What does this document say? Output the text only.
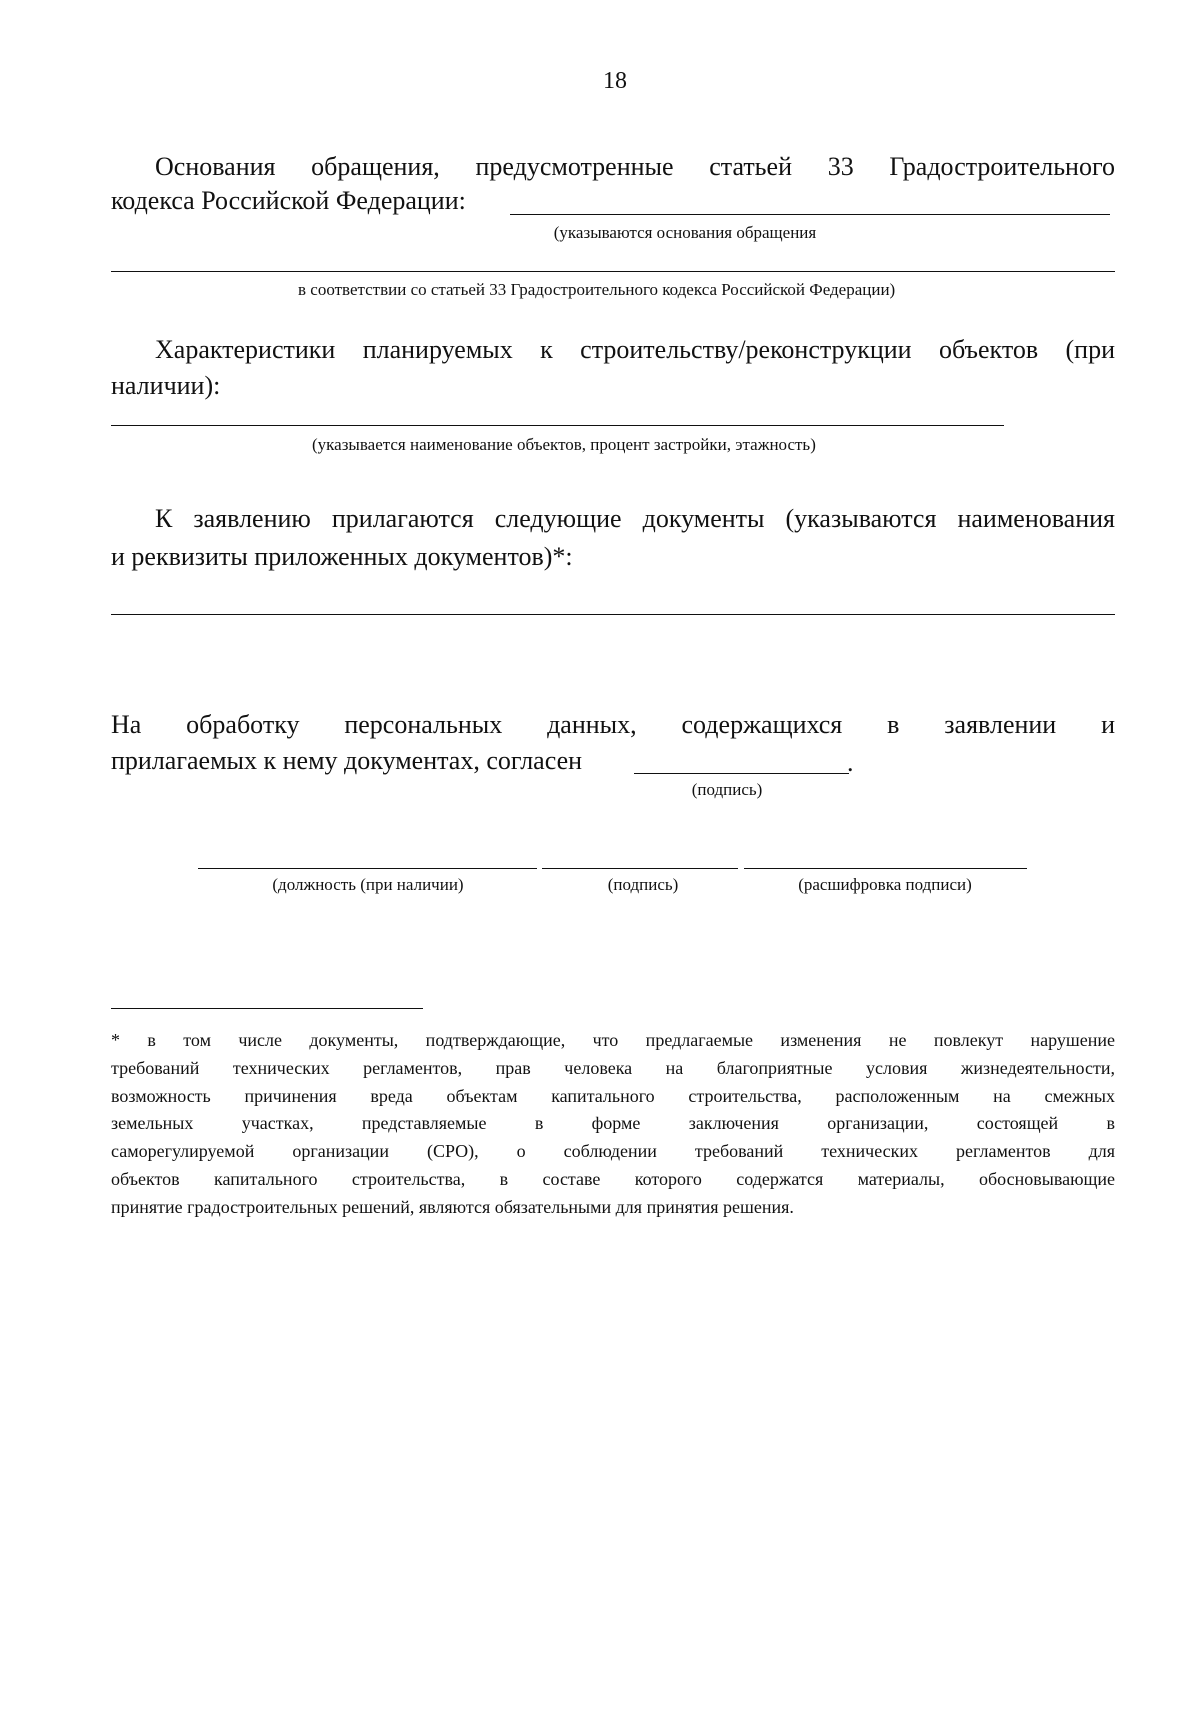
18
Основания обращения, предусмотренные статьей 33 Градостроительного
кодекса Российской Федерации:
(указываются основания обращения
в соответствии со статьей 33 Градостроительного кодекса Российской Федерации)
Характеристики планируемых к строительству/реконструкции объектов (при
наличии):
(указывается наименование объектов, процент застройки, этажность)
К заявлению прилагаются следующие документы (указываются наименования
и реквизиты приложенных документов)*:
На обработку персональных данных, содержащихся в заявлении и
прилагаемых к нему документах, согласен	.
(подпись)
(должность (при наличии)	(подпись)	(расшифровка подписи)
* в том числе документы, подтверждающие, что предлагаемые изменения не повлекут нарушение
требований технических регламентов, прав человека на благоприятные условия жизнедеятельности,
возможность причинения вреда объектам капитального строительства, расположенным на смежных
земельных участках, представляемые в форме заключения организации, состоящей в
саморегулируемой организации (СРО), о соблюдении требований технических регламентов для
объектов капитального строительства, в составе которого содержатся материалы, обосновывающие
принятие градостроительных решений, являются обязательными для принятия решения.
